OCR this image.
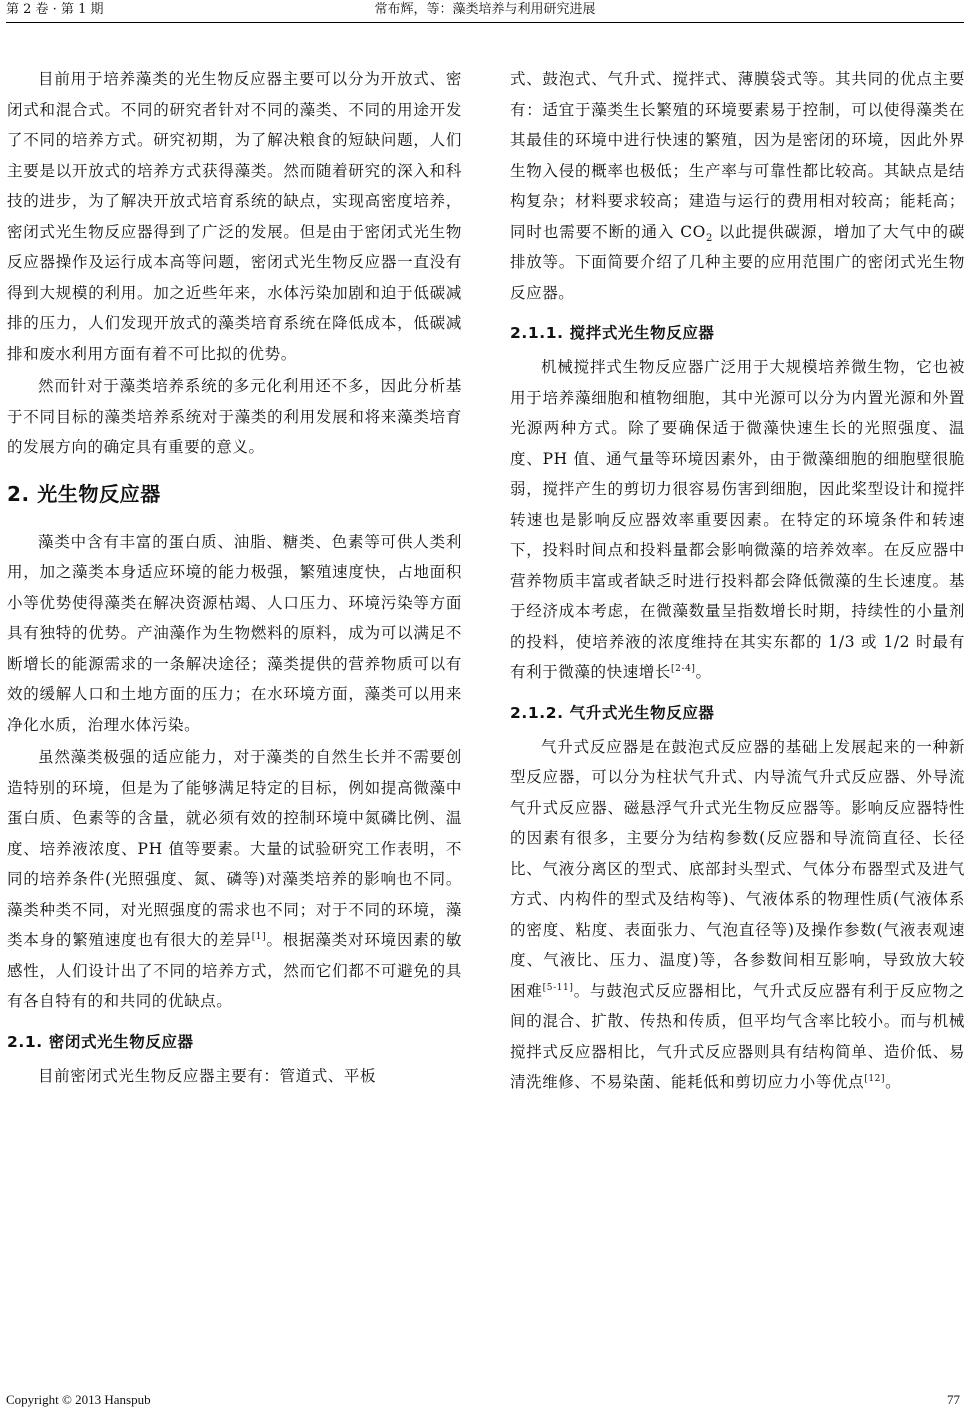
第 2 卷 · 第 1 期	常布辉，等：藻类培养与利用研究进展

目前用于培养藻类的光生物反应器主要可以分为开放式、密闭式和混合式。不同的研究者针对不同的藻类、不同的用途开发了不同的培养方式。研究初期，为了解决粮食的短缺问题，人们主要是以开放式的培养方式获得藻类。然而随着研究的深入和科技的进步，为了解决开放式培育系统的缺点，实现高密度培养，密闭式光生物反应器得到了广泛的发展。但是由于密闭式光生物反应器操作及运行成本高等问题，密闭式光生物反应器一直没有得到大规模的利用。加之近些年来，水体污染加剧和迫于低碳减排的压力，人们发现开放式的藻类培育系统在降低成本，低碳减排和废水利用方面有着不可比拟的优势。

然而针对于藻类培养系统的多元化利用还不多，因此分析基于不同目标的藻类培养系统对于藻类的利用发展和将来藻类培育的发展方向的确定具有重要的意义。

2. 光生物反应器

藻类中含有丰富的蛋白质、油脂、糖类、色素等可供人类利用，加之藻类本身适应环境的能力极强，繁殖速度快，占地面积小等优势使得藻类在解决资源枯竭、人口压力、环境污染等方面具有独特的优势。产油藻作为生物燃料的原料，成为可以满足不断增长的能源需求的一条解决途径；藻类提供的营养物质可以有效的缓解人口和土地方面的压力；在水环境方面，藻类可以用来净化水质，治理水体污染。

虽然藻类极强的适应能力，对于藻类的自然生长并不需要创造特别的环境，但是为了能够满足特定的目标，例如提高微藻中蛋白质、色素等的含量，就必须有效的控制环境中氮磷比例、温度、培养液浓度、PH 值等要素。大量的试验研究工作表明，不同的培养条件(光照强度、氮、磷等)对藻类培养的影响也不同。藻类种类不同，对光照强度的需求也不同；对于不同的环境，藻类本身的繁殖速度也有很大的差异[1]。根据藻类对环境因素的敏感性，人们设计出了不同的培养方式，然而它们都不可避免的具有各自特有的和共同的优缺点。

2.1. 密闭式光生物反应器

目前密闭式光生物反应器主要有：管道式、平板

式、鼓泡式、气升式、搅拌式、薄膜袋式等。其共同的优点主要有：适宜于藻类生长繁殖的环境要素易于控制，可以使得藻类在其最佳的环境中进行快速的繁殖，因为是密闭的环境，因此外界生物入侵的概率也极低；生产率与可靠性都比较高。其缺点是结构复杂；材料要求较高；建造与运行的费用相对较高；能耗高；同时也需要不断的通入 $CO_2$ 以此提供碳源，增加了大气中的碳排放等。下面简要介绍了几种主要的应用范围广的密闭式光生物反应器。

2.1.1. 搅拌式光生物反应器

机械搅拌式生物反应器广泛用于大规模培养微生物，它也被用于培养藻细胞和植物细胞，其中光源可以分为内置光源和外置光源两种方式。除了要确保适于微藻快速生长的光照强度、温度、PH 值、通气量等环境因素外，由于微藻细胞的细胞壁很脆弱，搅拌产生的剪切力很容易伤害到细胞，因此桨型设计和搅拌转速也是影响反应器效率重要因素。在特定的环境条件和转速下，投料时间点和投料量都会影响微藻的培养效率。在反应器中营养物质丰富或者缺乏时进行投料都会降低微藻的生长速度。基于经济成本考虑，在微藻数量呈指数增长时期，持续性的小量剂的投料，使培养液的浓度维持在其实东都的 1/3 或 1/2 时最有有利于微藻的快速增长[2-4]。

2.1.2. 气升式光生物反应器

气升式反应器是在鼓泡式反应器的基础上发展起来的一种新型反应器，可以分为柱状气升式、内导流气升式反应器、外导流气升式反应器、磁悬浮气升式光生物反应器等。影响反应器特性的因素有很多，主要分为结构参数(反应器和导流筒直径、长径比、气液分离区的型式、底部封头型式、气体分布器型式及进气方式、内构件的型式及结构等)、气液体系的物理性质(气液体系的密度、粘度、表面张力、气泡直径等)及操作参数(气液表观速度、气液比、压力、温度)等，各参数间相互影响，导致放大较困难[5-11]。与鼓泡式反应器相比，气升式反应器有利于反应物之间的混合、扩散、传热和传质，但平均气含率比较小。而与机械搅拌式反应器相比，气升式反应器则具有结构简单、造价低、易清洗维修、不易染菌、能耗低和剪切应力小等优点[12]。

Copyright © 2013 Hanspub	77
